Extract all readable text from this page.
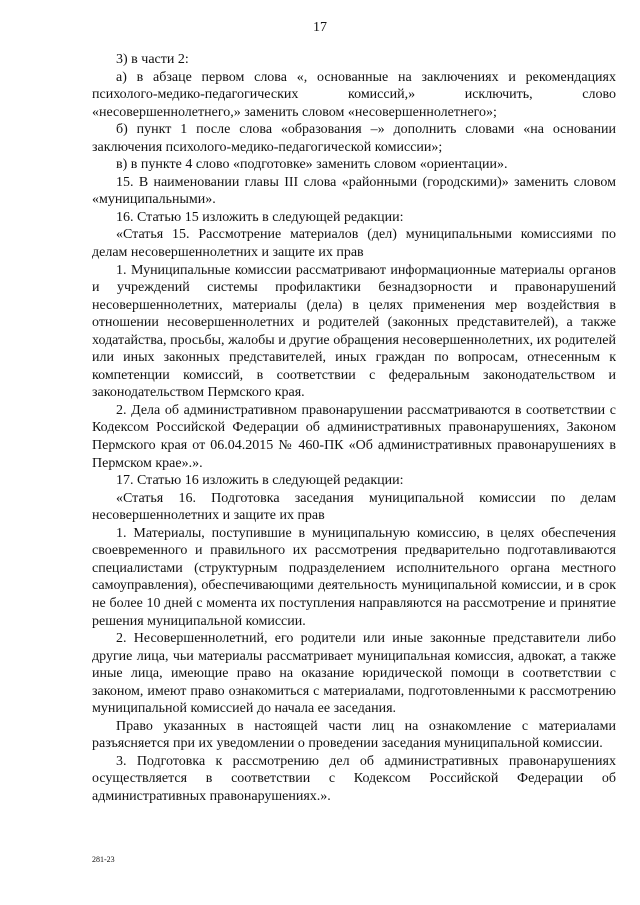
17

3) в части 2:

а) в абзаце первом слова «, основанные на заключениях и рекомендациях психолого-медико-педагогических комиссий,» исключить, слово «несовершеннолетнего,» заменить словом «несовершеннолетнего»;

б) пункт 1 после слова «образования –» дополнить словами «на основании заключения психолого-медико-педагогической комиссии»;

в) в пункте 4 слово «подготовке» заменить словом «ориентации».

15. В наименовании главы III слова «районными (городскими)» заменить словом «муниципальными».

16. Статью 15 изложить в следующей редакции:

«Статья 15. Рассмотрение материалов (дел) муниципальными комиссиями по делам несовершеннолетних и защите их прав

1. Муниципальные комиссии рассматривают информационные материалы органов и учреждений системы профилактики безнадзорности и правонарушений несовершеннолетних, материалы (дела) в целях применения мер воздействия в отношении несовершеннолетних и родителей (законных представителей), а также ходатайства, просьбы, жалобы и другие обращения несовершеннолетних, их родителей или иных законных представителей, иных граждан по вопросам, отнесенным к компетенции комиссий, в соответствии с федеральным законодательством и законодательством Пермского края.

2. Дела об административном правонарушении рассматриваются в соответствии с Кодексом Российской Федерации об административных правонарушениях, Законом Пермского края от 06.04.2015 № 460-ПК «Об административных правонарушениях в Пермском крае».».

17. Статью 16 изложить в следующей редакции:

«Статья 16. Подготовка заседания муниципальной комиссии по делам несовершеннолетних и защите их прав

1. Материалы, поступившие в муниципальную комиссию, в целях обеспечения своевременного и правильного их рассмотрения предварительно подготавливаются специалистами (структурным подразделением исполнительного органа местного самоуправления), обеспечивающими деятельность муниципальной комиссии, и в срок не более 10 дней с момента их поступления направляются на рассмотрение и принятие решения муниципальной комиссии.

2. Несовершеннолетний, его родители или иные законные представители либо другие лица, чьи материалы рассматривает муниципальная комиссия, адвокат, а также иные лица, имеющие право на оказание юридической помощи в соответствии с законом, имеют право ознакомиться с материалами, подготовленными к рассмотрению муниципальной комиссией до начала ее заседания.

Право указанных в настоящей части лиц на ознакомление с материалами разъясняется при их уведомлении о проведении заседания муниципальной комиссии.

3. Подготовка к рассмотрению дел об административных правонарушениях осуществляется в соответствии с Кодексом Российской Федерации об административных правонарушениях.».

281-23
